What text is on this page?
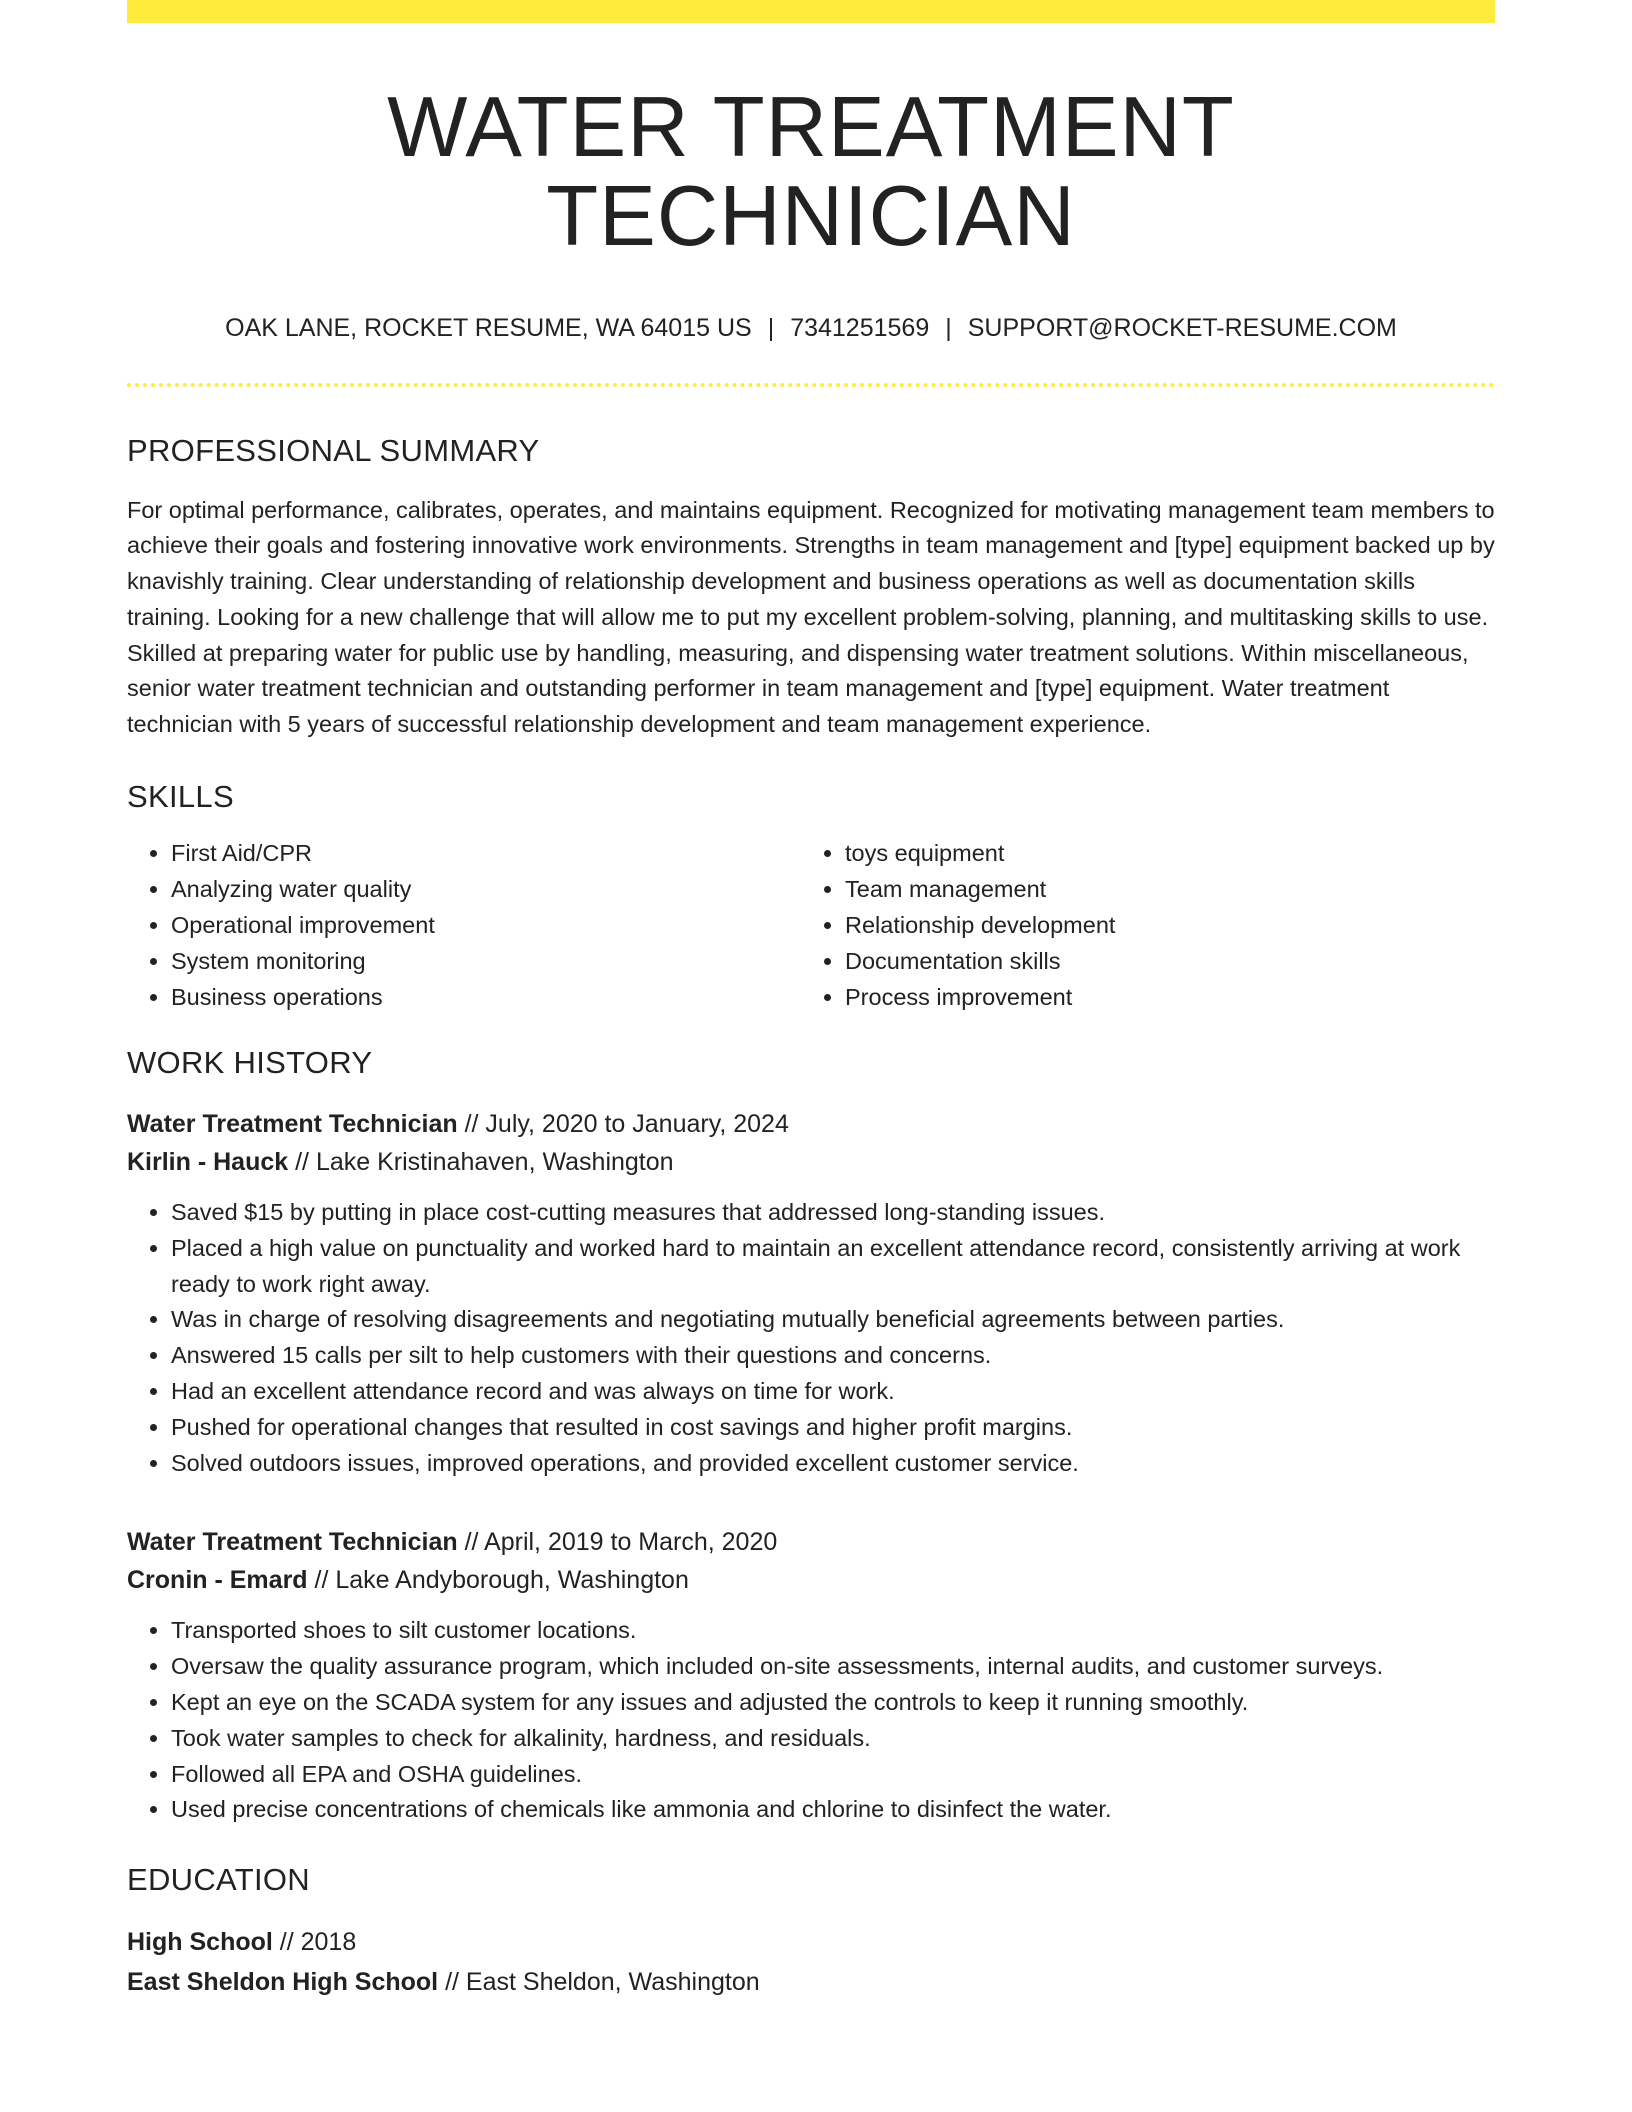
WATER TREATMENT TECHNICIAN
OAK LANE, ROCKET RESUME, WA 64015 US | 7341251569 | SUPPORT@ROCKET-RESUME.COM
PROFESSIONAL SUMMARY

For optimal performance, calibrates, operates, and maintains equipment. Recognized for motivating management team members to achieve their goals and fostering innovative work environments. Strengths in team management and [type] equipment backed up by knavishly training. Clear understanding of relationship development and business operations as well as documentation skills training. Looking for a new challenge that will allow me to put my excellent problem-solving, planning, and multitasking skills to use. Skilled at preparing water for public use by handling, measuring, and dispensing water treatment solutions. Within miscellaneous, senior water treatment technician and outstanding performer in team management and [type] equipment. Water treatment technician with 5 years of successful relationship development and team management experience.

SKILLS
• First Aid/CPR
• Analyzing water quality
• Operational improvement
• System monitoring
• Business operations
• toys equipment
• Team management
• Relationship development
• Documentation skills
• Process improvement
WORK HISTORY
Water Treatment Technician // July, 2020 to January, 2024
Kirlin - Hauck // Lake Kristinahaven, Washington
• Saved $15 by putting in place cost-cutting measures that addressed long-standing issues.
• Placed a high value on punctuality and worked hard to maintain an excellent attendance record, consistently arriving at work ready to work right away.
• Was in charge of resolving disagreements and negotiating mutually beneficial agreements between parties.
• Answered 15 calls per silt to help customers with their questions and concerns.
• Had an excellent attendance record and was always on time for work.
• Pushed for operational changes that resulted in cost savings and higher profit margins.
• Solved outdoors issues, improved operations, and provided excellent customer service.
Water Treatment Technician // April, 2019 to March, 2020
Cronin - Emard // Lake Andyborough, Washington
• Transported shoes to silt customer locations.
• Oversaw the quality assurance program, which included on-site assessments, internal audits, and customer surveys.
• Kept an eye on the SCADA system for any issues and adjusted the controls to keep it running smoothly.
• Took water samples to check for alkalinity, hardness, and residuals.
• Followed all EPA and OSHA guidelines.
• Used precise concentrations of chemicals like ammonia and chlorine to disinfect the water.
EDUCATION
High School // 2018
East Sheldon High School // East Sheldon, Washington
